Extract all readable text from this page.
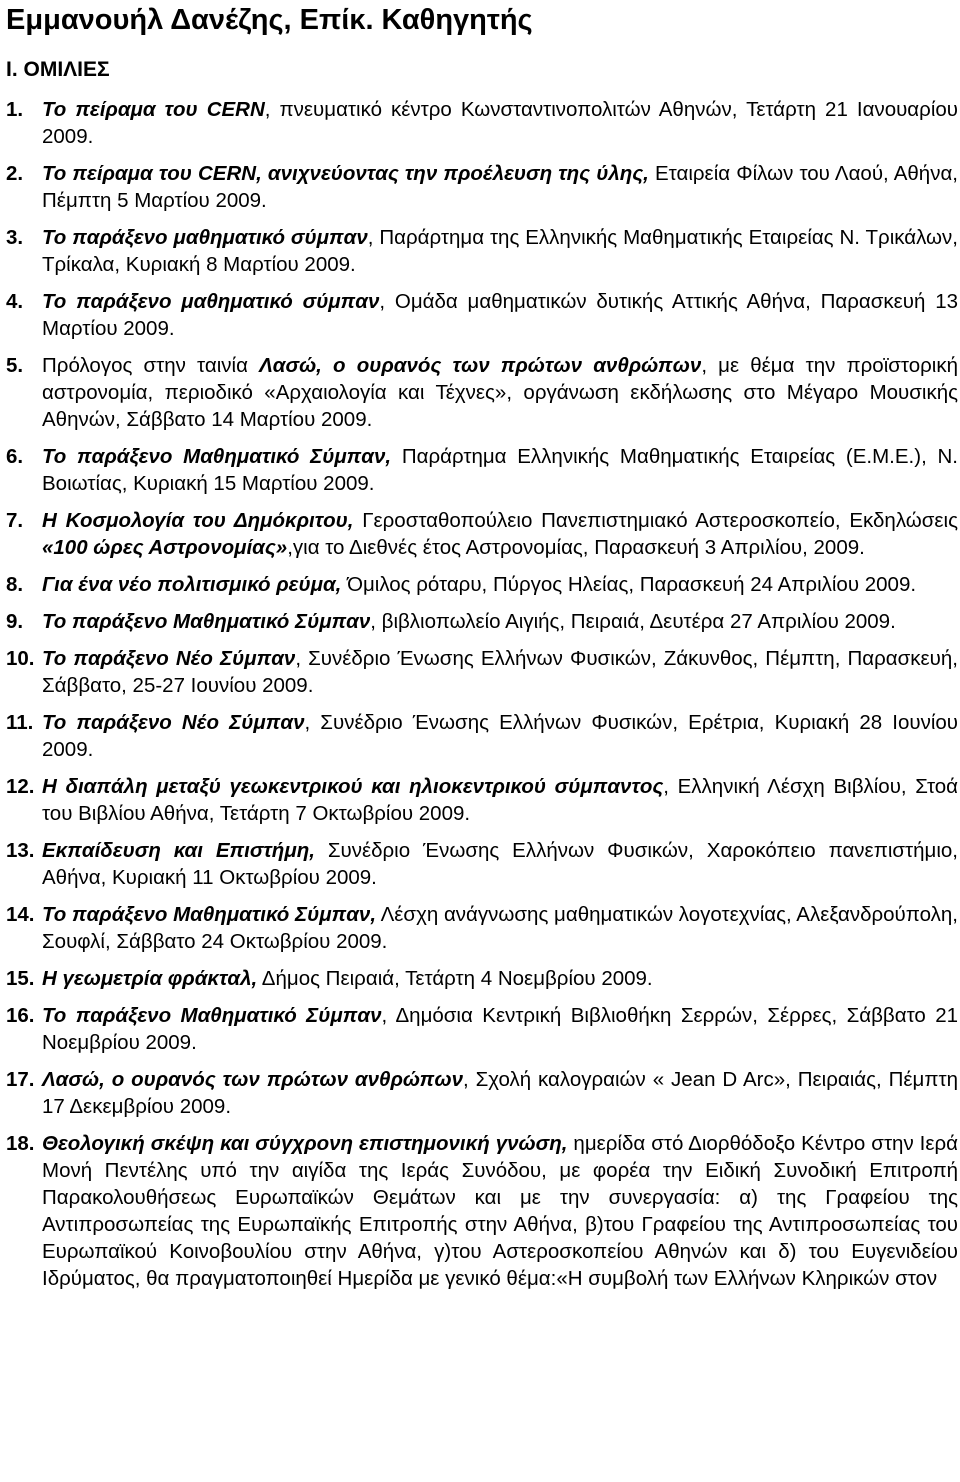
Εμμανουήλ Δανέζης, Επίκ. Καθηγητής
Ι. ΟΜΙΛΙΕΣ
1. Το πείραμα του CERN, πνευματικό κέντρο Κωνσταντινοπολιτών Αθηνών, Τετάρτη 21 Ιανουαρίου 2009.
2. Το πείραμα του CERN, ανιχνεύοντας την προέλευση της ύλης, Εταιρεία Φίλων του Λαού, Αθήνα, Πέμπτη 5 Μαρτίου 2009.
3. Το παράξενο μαθηματικό σύμπαν, Παράρτημα της Ελληνικής Μαθηματικής Εταιρείας Ν. Τρικάλων, Τρίκαλα, Κυριακή 8 Μαρτίου 2009.
4. Το παράξενο μαθηματικό σύμπαν, Ομάδα μαθηματικών δυτικής Αττικής Αθήνα, Παρασκευή 13 Μαρτίου 2009.
5. Πρόλογος στην ταινία Λασώ, ο ουρανός των πρώτων ανθρώπων, με θέμα την προϊστορική αστρονομία, περιοδικό «Αρχαιολογία και Τέχνες», οργάνωση εκδήλωσης στο Μέγαρο Μουσικής Αθηνών, Σάββατο 14 Μαρτίου 2009.
6. Το παράξενο Μαθηματικό Σύμπαν, Παράρτημα Ελληνικής Μαθηματικής Εταιρείας (Ε.Μ.Ε.), Ν. Βοιωτίας, Κυριακή 15 Μαρτίου 2009.
7. Η Κοσμολογία του Δημόκριτου, Γεροσταθοπούλειο Πανεπιστημιακό Αστεροσκοπείο, Εκδηλώσεις «100 ώρες Αστρονομίας»,για το Διεθνές έτος Αστρονομίας, Παρασκευή 3 Απριλίου, 2009.
8. Για ένα νέο πολιτισμικό ρεύμα, Όμιλος ρόταρυ, Πύργος Ηλείας, Παρασκευή 24 Απριλίου 2009.
9. Το παράξενο Μαθηματικό Σύμπαν, βιβλιοπωλείο Αιγιής, Πειραιά, Δευτέρα 27 Απριλίου 2009.
10. Το παράξενο Νέο Σύμπαν, Συνέδριο Ένωσης Ελλήνων Φυσικών, Ζάκυνθος, Πέμπτη, Παρασκευή, Σάββατο, 25-27 Ιουνίου 2009.
11. Το παράξενο Νέο Σύμπαν, Συνέδριο Ένωσης Ελλήνων Φυσικών, Ερέτρια, Κυριακή 28 Ιουνίου 2009.
12. Η διαπάλη μεταξύ γεωκεντρικού και ηλιοκεντρικού σύμπαντος, Ελληνική Λέσχη Βιβλίου, Στοά του Βιβλίου Αθήνα, Τετάρτη 7 Οκτωβρίου 2009.
13. Εκπαίδευση και Επιστήμη, Συνέδριο Ένωσης Ελλήνων Φυσικών, Χαροκόπειο πανεπιστήμιο, Αθήνα, Κυριακή 11 Οκτωβρίου 2009.
14. Το παράξενο Μαθηματικό Σύμπαν, Λέσχη ανάγνωσης μαθηματικών λογοτεχνίας, Αλεξανδρούπολη, Σουφλί, Σάββατο 24 Οκτωβρίου 2009.
15. Η γεωμετρία φράκταλ, Δήμος Πειραιά, Τετάρτη 4 Νοεμβρίου 2009.
16. Το παράξενο Μαθηματικό Σύμπαν, Δημόσια Κεντρική Βιβλιοθήκη Σερρών, Σέρρες, Σάββατο 21 Νοεμβρίου 2009.
17. Λασώ, ο ουρανός των πρώτων ανθρώπων, Σχολή καλογραιών « Jean D Arc», Πειραιάς, Πέμπτη 17 Δεκεμβρίου 2009.
18. Θεολογική σκέψη και σύγχρονη επιστημονική γνώση, ημερίδα στό Διορθόδοξο Κέντρο στην Ιερά Μονή Πεντέλης υπό την αιγίδα της Ιεράς Συνόδου, με φορέα την Ειδική Συνοδική Επιτροπή Παρακολουθήσεως Ευρωπαϊκών Θεμάτων και με την συνεργασία: α) της Γραφείου της Αντιπροσωπείας της Ευρωπαϊκής Επιτροπής στην Αθήνα, β)του Γραφείου της Αντιπροσωπείας του Ευρωπαϊκού Κοινοβουλίου στην Αθήνα, γ)του Αστεροσκοπείου Αθηνών και δ) του Ευγενιδείου Ιδρύματος, θα πραγματοποιηθεί Ημερίδα με γενικό θέμα:«Η συμβολή των Ελλήνων Κληρικών στον
